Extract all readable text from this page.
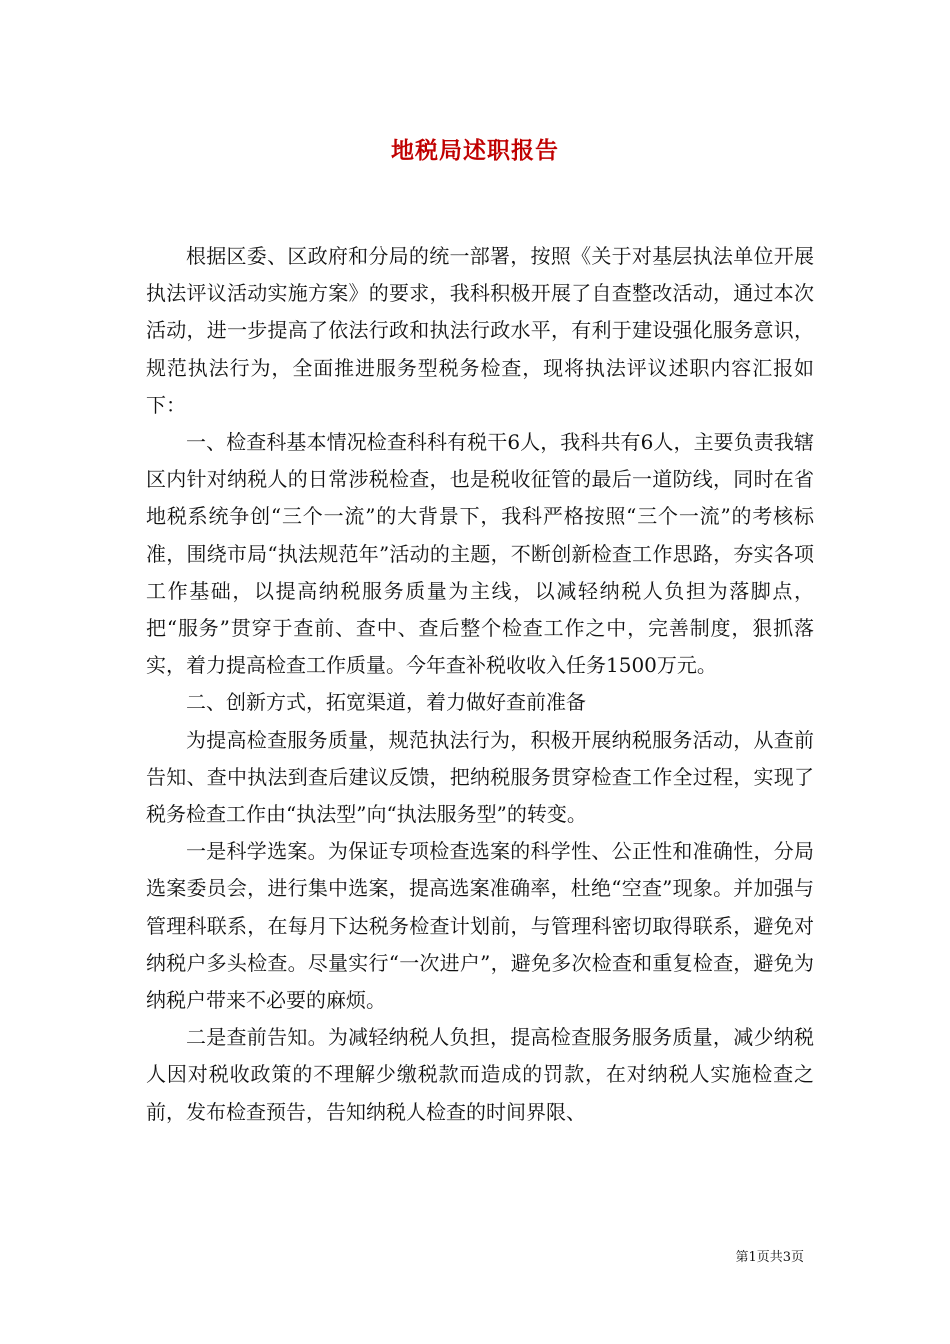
地税局述职报告

根据区委、区政府和分局的统一部署，按照《关于对基层执法单位开展执法评议活动实施方案》的要求，我科积极开展了自查整改活动，通过本次活动，进一步提高了依法行政和执法行政水平，有利于建设强化服务意识，规范执法行为，全面推进服务型税务检查，现将执法评议述职内容汇报如下：

一、检查科基本情况检查科科有税干6人，我科共有6人，主要负责我辖区内针对纳税人的日常涉税检查，也是税收征管的最后一道防线，同时在省地税系统争创“三个一流”的大背景下，我科严格按照“三个一流”的考核标准，围绕市局“执法规范年”活动的主题，不断创新检查工作思路，夯实各项工作基础，以提高纳税服务质量为主线，以减轻纳税人负担为落脚点，把“服务”贯穿于查前、查中、查后整个检查工作之中，完善制度，狠抓落实，着力提高检查工作质量。今年查补税收收入任务1500万元。

二、创新方式，拓宽渠道，着力做好查前准备

为提高检查服务质量，规范执法行为，积极开展纳税服务活动，从查前告知、查中执法到查后建议反馈，把纳税服务贯穿检查工作全过程，实现了税务检查工作由“执法型”向“执法服务型”的转变。

一是科学选案。为保证专项检查选案的科学性、公正性和准确性，分局选案委员会，进行集中选案，提高选案准确率，杜绝“空查”现象。并加强与管理科联系，在每月下达税务检查计划前，与管理科密切取得联系，避免对纳税户多头检查。尽量实行“一次进户”，避免多次检查和重复检查，避免为纳税户带来不必要的麻烦。

二是查前告知。为减轻纳税人负担，提高检查服务服务质量，减少纳税人因对税收政策的不理解少缴税款而造成的罚款，在对纳税人实施检查之前，发布检查预告，告知纳税人检查的时间界限、

第1页共3页
